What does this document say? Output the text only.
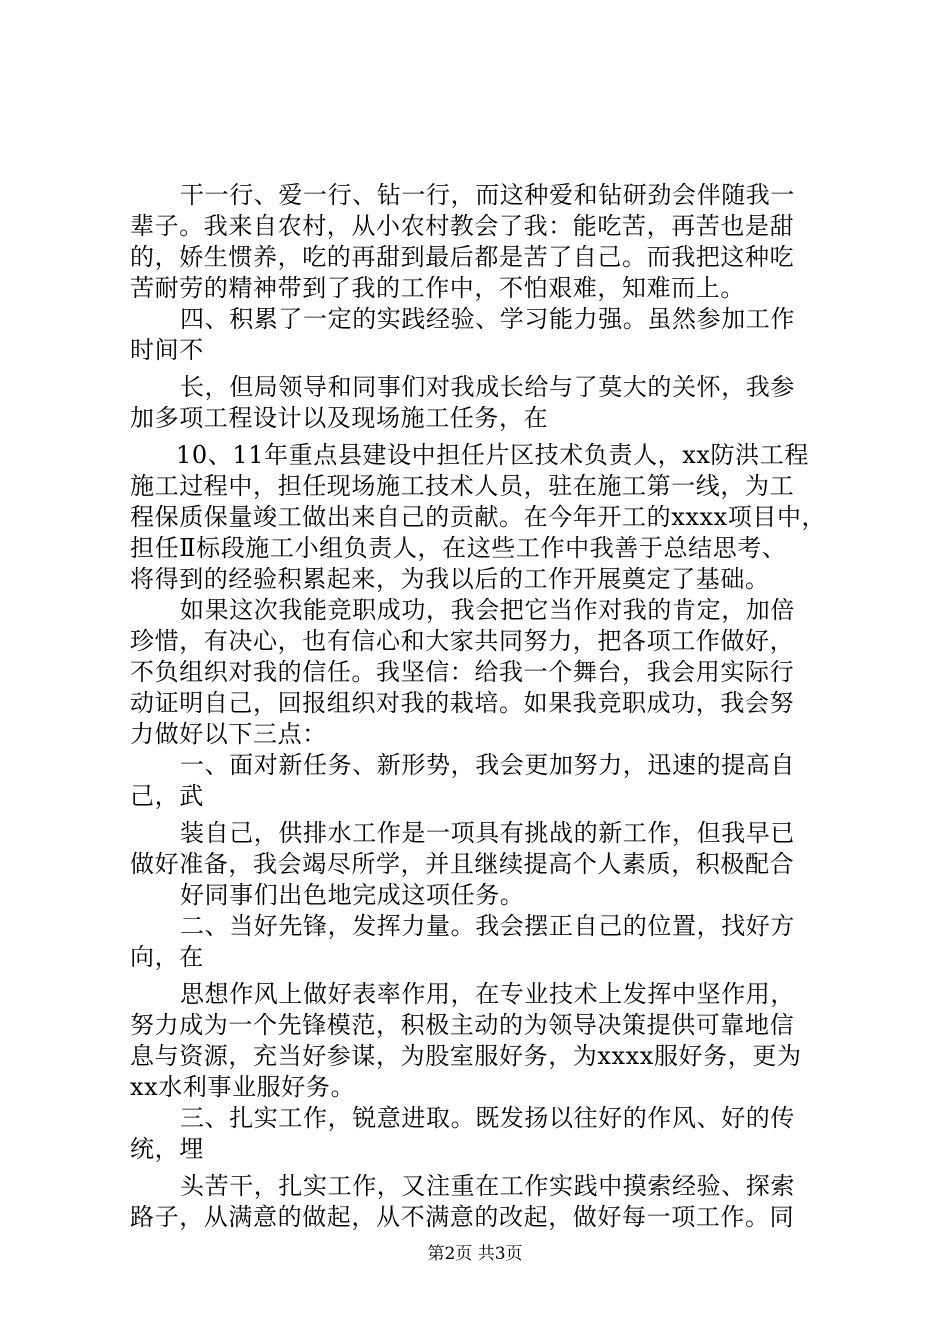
干一行、爱一行、钻一行，而这种爱和钻研劲会伴随我一
辈子。我来自农村，从小农村教会了我：能吃苦，再苦也是甜
的，娇生惯养，吃的再甜到最后都是苦了自己。而我把这种吃
苦耐劳的精神带到了我的工作中，不怕艰难，知难而上。
四、积累了一定的实践经验、学习能力强。虽然参加工作
时间不
长，但局领导和同事们对我成长给与了莫大的关怀，我参
加多项工程设计以及现场施工任务，在
10、11年重点县建设中担任片区技术负责人，xx防洪工程
施工过程中，担任现场施工技术人员，驻在施工第一线，为工
程保质保量竣工做出来自己的贡献。在今年开工的xxxx项目中，
担任Ⅱ标段施工小组负责人，在这些工作中我善于总结思考、
将得到的经验积累起来，为我以后的工作开展奠定了基础。
如果这次我能竞职成功，我会把它当作对我的肯定，加倍
珍惜，有决心，也有信心和大家共同努力，把各项工作做好，
不负组织对我的信任。我坚信：给我一个舞台，我会用实际行
动证明自己，回报组织对我的栽培。如果我竞职成功，我会努
力做好以下三点：
一、面对新任务、新形势，我会更加努力，迅速的提高自
己，武
装自己，供排水工作是一项具有挑战的新工作，但我早已
做好准备，我会竭尽所学，并且继续提高个人素质，积极配合
好同事们出色地完成这项任务。
二、当好先锋，发挥力量。我会摆正自己的位置，找好方
向，在
思想作风上做好表率作用，在专业技术上发挥中坚作用，
努力成为一个先锋模范，积极主动的为领导决策提供可靠地信
息与资源，充当好参谋，为股室服好务，为xxxx服好务，更为
xx水利事业服好务。
三、扎实工作，锐意进取。既发扬以往好的作风、好的传
统，埋
头苦干，扎实工作，又注重在工作实践中摸索经验、探索
路子，从满意的做起，从不满意的改起，做好每一项工作。同
第2页 共3页
